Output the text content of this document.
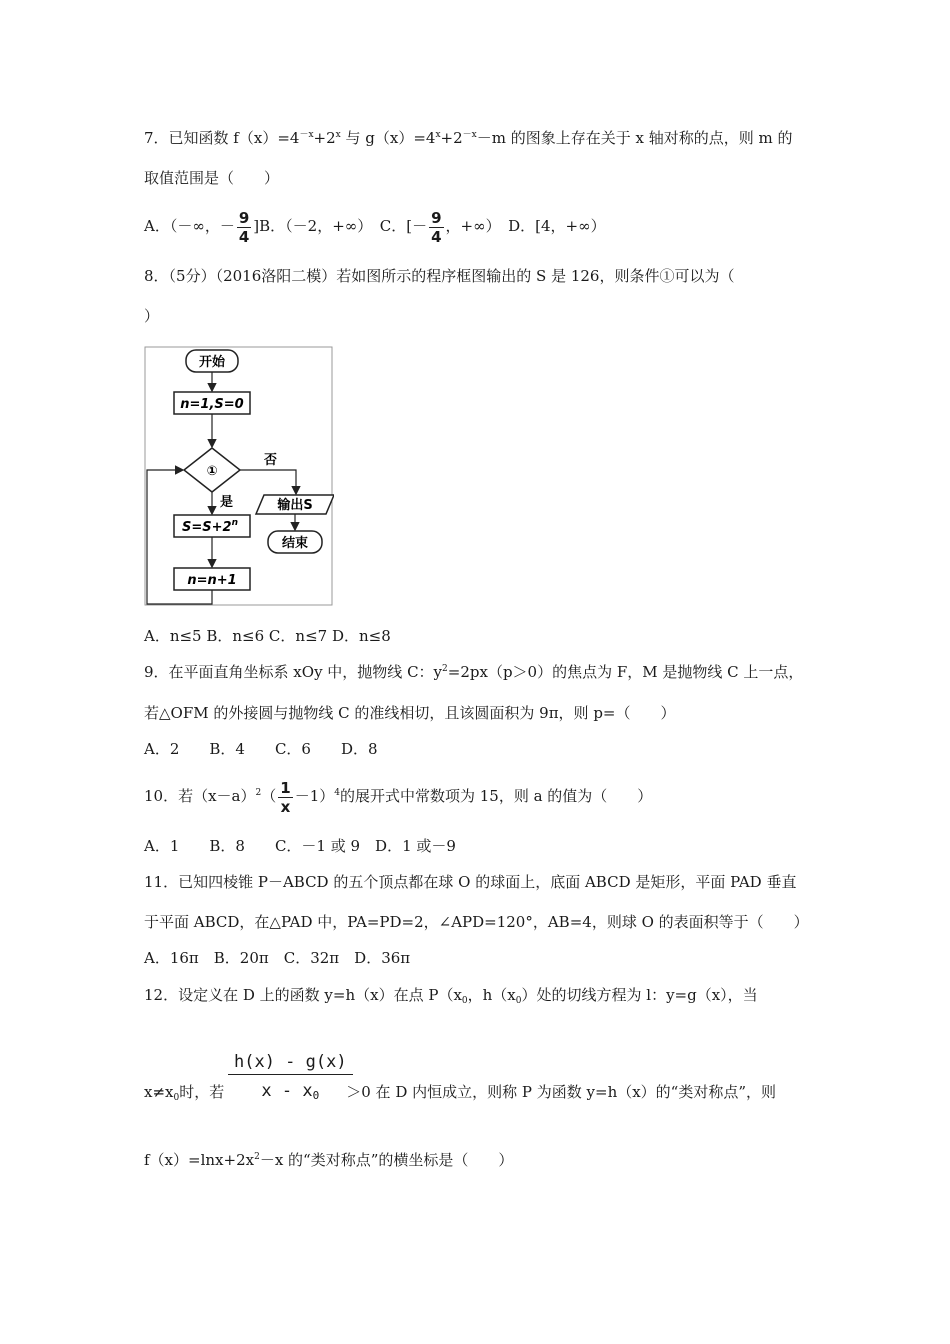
7．已知函数 $f(x)=4^{-x}+2^x$ 与 $g(x)=4^x+2^{-x}-m$ 的图象上存在关于 x 轴对称的点，则 m 的
取值范围是（　　）
A．（－∞，－ $\frac{9}{4} ]B$．（－2，+∞）　C．[－ $\frac{9}{4}$ ，+∞）　D．[4，+∞）
8．（5分）（2016洛阳二模）若如图所示的程序框图输出的 S 是 126，则条件①可以为（
）
开始
n=1,S=0
①
否
输出S
结束
是
$S=S+2^n$
n=n+1
A．n≤5 B．n≤6 C．n≤7 D．n≤8
9．在平面直角坐标系 xOy 中，抛物线 C：$y^2=2px(p>0)$的焦点为 F，M 是抛物线 C 上一点，
若△OFM 的外接圆与抛物线 C 的准线相切，且该圆面积为 9π，则 p=（　　）
A．2　　B．4　　C．6　　D．8
10．若$(x-a)^2( \frac{1}{x} -1)^4$的展开式中常数项为 15，则 a 的值为（　　）
A．1　　B．8　　C．－1 或 9　D．1 或－9
11．已知四棱锥 P－ABCD 的五个顶点都在球 O 的球面上，底面 ABCD 是矩形，平面 PAD 垂直
于平面 ABCD，在△PAD 中，PA=PD=2，∠APD=120°，AB=4，则球 O 的表面积等于（　　）
A．16π　B．20π　C．32π　D．36π
12．设定义在 D 上的函数 y=h（x）在点 $P(x_0$，$h(x_0)$处的切线方程为 l：y=g（x），当
h(x) - g(x)
x - $x_0$
$x\ne x_0$时，若	＞0 在 D 内恒成立，则称 P 为函数 y=h（x）的“类对称点”，则
$f(x)=\ln x+2x^2-x$ 的“类对称点”的横坐标是（　　）
